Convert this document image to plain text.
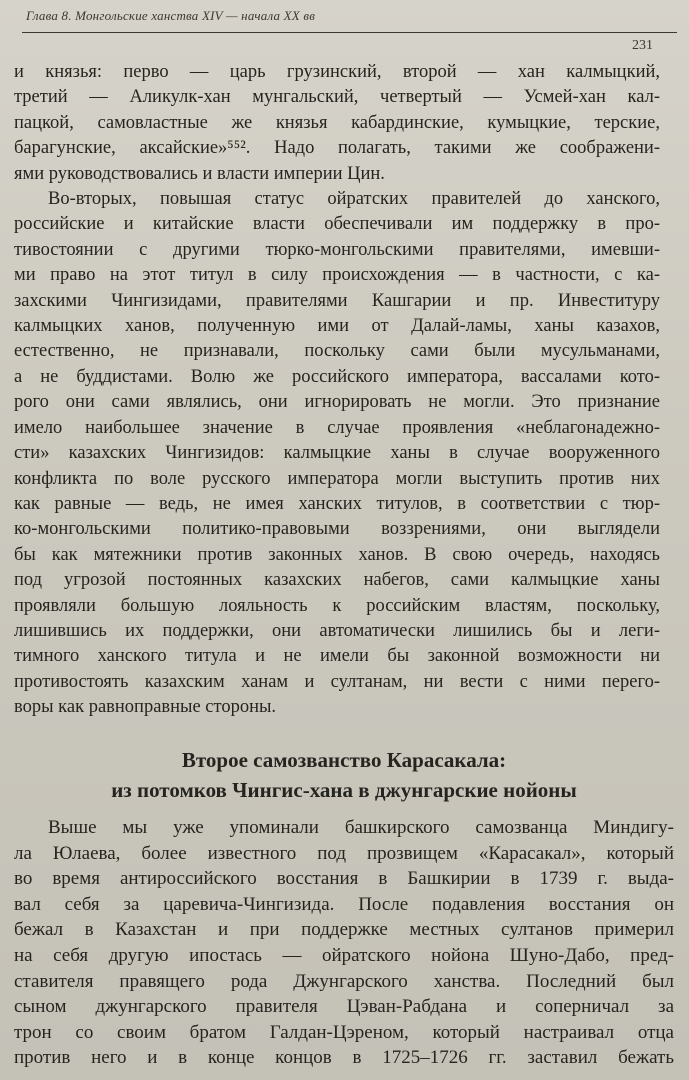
Глава 8. Монгольские ханства XIV — начала XX вв
231
и князья: перво — царь грузинский, второй — хан калмыцкий,
третий — Аликулк-хан мунгальский, четвертый — Усмей-хан кал-
пацкой, самовластные же князья кабардинские, кумыцкие, терские,
барагунские, аксайские»⁵⁵². Надо полагать, такими же соображени-
ями руководствовались и власти империи Цин.
Во-вторых, повышая статус ойратских правителей до ханского,
российские и китайские власти обеспечивали им поддержку в про-
тивостоянии с другими тюрко-монгольскими правителями, имевши-
ми право на этот титул в силу происхождения — в частности, с ка-
захскими Чингизидами, правителями Кашгарии и пр. Инвеституру
калмыцких ханов, полученную ими от Далай-ламы, ханы казахов,
естественно, не признавали, поскольку сами были мусульманами,
а не буддистами. Волю же российского императора, вассалами кото-
рого они сами являлись, они игнорировать не могли. Это признание
имело наибольшее значение в случае проявления «неблагонадежно-
сти» казахских Чингизидов: калмыцкие ханы в случае вооруженного
конфликта по воле русского императора могли выступить против них
как равные — ведь, не имея ханских титулов, в соответствии с тюр-
ко-монгольскими политико-правовыми воззрениями, они выглядели
бы как мятежники против законных ханов. В свою очередь, находясь
под угрозой постоянных казахских набегов, сами калмыцкие ханы
проявляли большую лояльность к российским властям, поскольку,
лишившись их поддержки, они автоматически лишились бы и леги-
тимного ханского титула и не имели бы законной возможности ни
противостоять казахским ханам и султанам, ни вести с ними перего-
воры как равноправные стороны.
Второе самозванство Карасакала:
из потомков Чингис-хана в джунгарские нойоны
Выше мы уже упоминали башкирского самозванца Миндигу-
ла Юлаева, более известного под прозвищем «Карасакал», который
во время антироссийского восстания в Башкирии в 1739 г. выда-
вал себя за царевича-Чингизида. После подавления восстания он
бежал в Казахстан и при поддержке местных султанов примерил
на себя другую ипостась — ойратского нойона Шуно-Дабо, пред-
ставителя правящего рода Джунгарского ханства. Последний был
сыном джунгарского правителя Цэван-Рабдана и соперничал за
трон со своим братом Галдан-Цэреном, который настраивал отца
против него и в конце концов в 1725–1726 гг. заставил бежать
